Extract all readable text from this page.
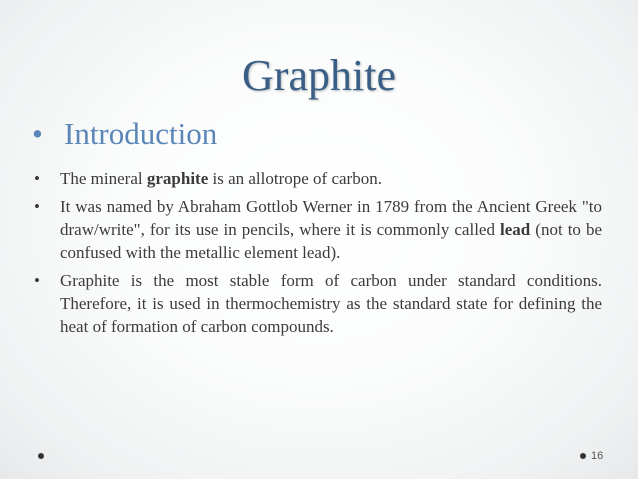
Graphite
• Introduction
• The mineral graphite is an allotrope of carbon.
• It was named by Abraham Gottlob Werner in 1789 from the Ancient Greek "to draw/write", for its use in pencils, where it is commonly called lead (not to be confused with the metallic element lead).
• Graphite is the most stable form of carbon under standard conditions. Therefore, it is used in thermochemistry as the standard state for defining the heat of formation of carbon compounds.
16
